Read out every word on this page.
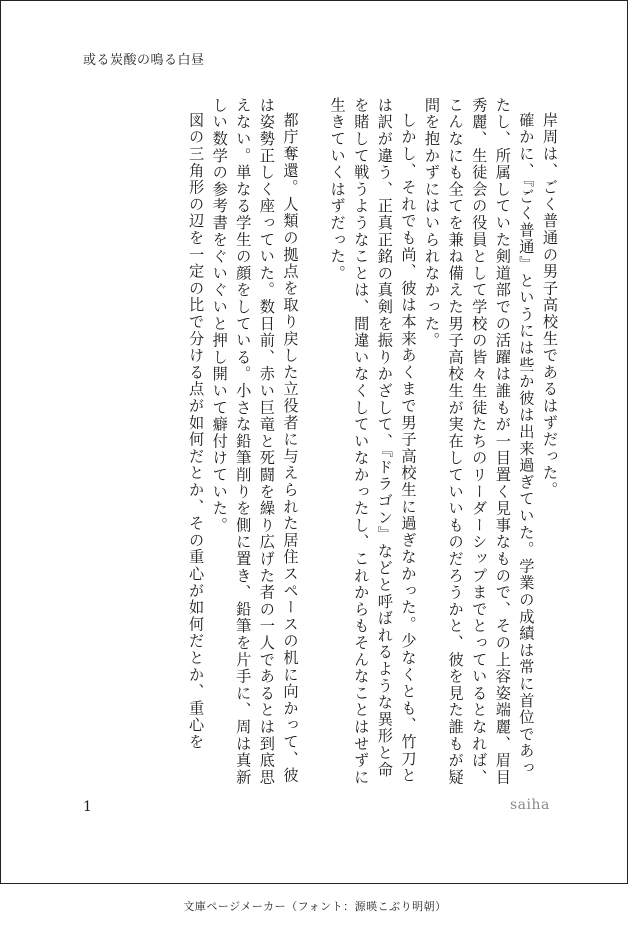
或る炭酸の鳴る白昼

岸周は、ごく普通の男子高校生であるはずだった。

確かに、『ごく普通』というには些か彼は出来過ぎていた。学業の成績は常に首位であったし、所属していた剣道部での活躍は誰もが一目置く見事なもので、その上容姿端麗、眉目秀麗、生徒会の役員として学校の皆々生徒たちのリーダーシップまでとっているとなれば、こんなにも全てを兼ね備えた男子高校生が実在していいものだろうかと、彼を見た誰もが疑問を抱かずにはいられなかった。

しかし、それでも尚、彼は本来あくまで男子高校生に過ぎなかった。少なくとも、竹刀とは訳が違う、正真正銘の真剣を振りかざして、『ドラゴン』などと呼ばれるような異形と命を賭して戦うようなことは、間違いなくしていなかったし、これからもそんなことはせずに生きていくはずだった。

都庁奪還。人類の拠点を取り戻した立役者に与えられた居住スペースの机に向かって、彼は姿勢正しく座っていた。数日前、赤い巨竜と死闘を繰り広げた者の一人であるとは到底思えない。単なる学生の顔をしている。小さな鉛筆削りを側に置き、鉛筆を片手に、周は真新しい数学の参考書をぐいぐいと押し開いて癖付けていた。

図の三角形の辺を一定の比で分ける点が如何だとか、その重心が如何だとか、重心を

1	saiha
文庫ページメーカー（フォント：源暎こぶり明朝）
